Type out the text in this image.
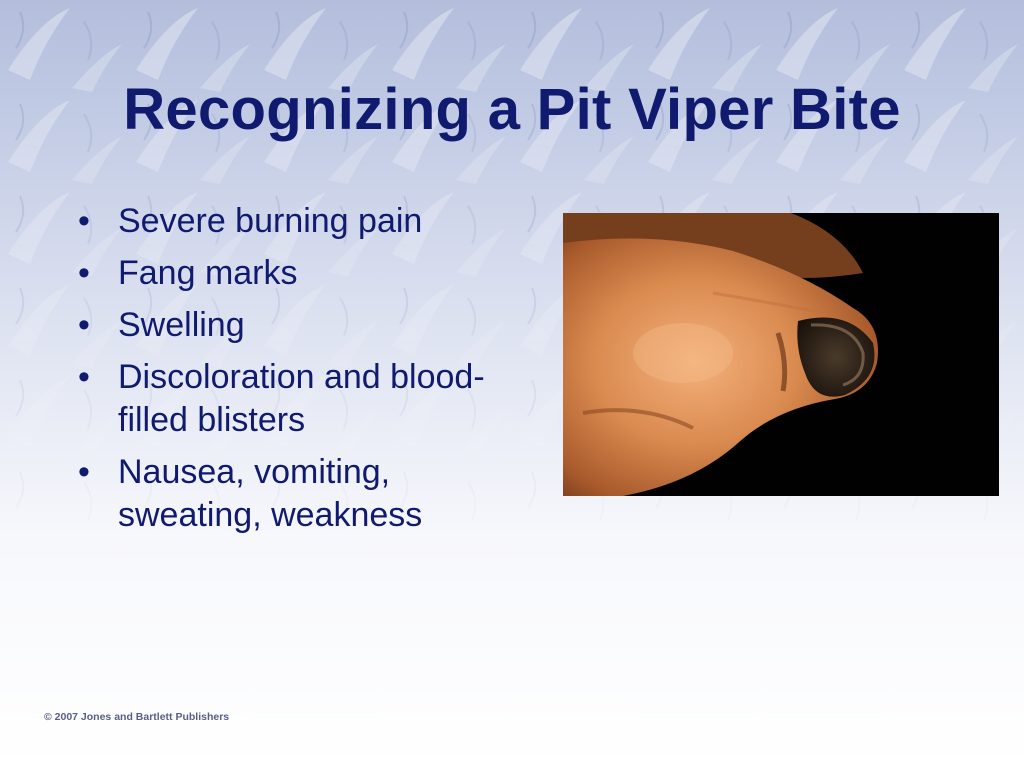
Recognizing a Pit Viper Bite
• Severe burning pain
• Fang marks
• Swelling
• Discoloration and blood-filled blisters
• Nausea, vomiting, sweating, weakness
© 2007 Jones and Bartlett Publishers
